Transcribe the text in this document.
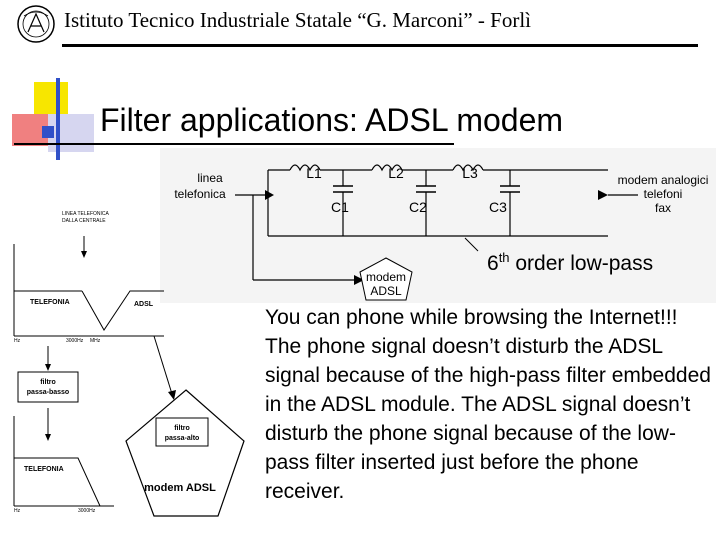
Istituto Tecnico Industriale Statale “G. Marconi” - Forlì
Filter applications: ADSL modem
linea
telefonica
L1	L2	L3
C1	C2	C3
modem analogici
telefoni
fax
modem
ADSL
6th order low-pass
LINEA TELEFONICA
DALLA CENTRALE
TELEFONIA	ADSL
Hz	3000Hz MHz
filtro
passa-basso
TELEFONIA
Hz	3000Hz
filtro
passa-alto
modem ADSL
You can phone while browsing the Internet!!! The phone signal doesn’t disturb the ADSL signal because of the high-pass filter embedded in the ADSL module. The ADSL signal doesn’t disturb the phone signal because of the low-pass filter inserted just before the phone receiver.
